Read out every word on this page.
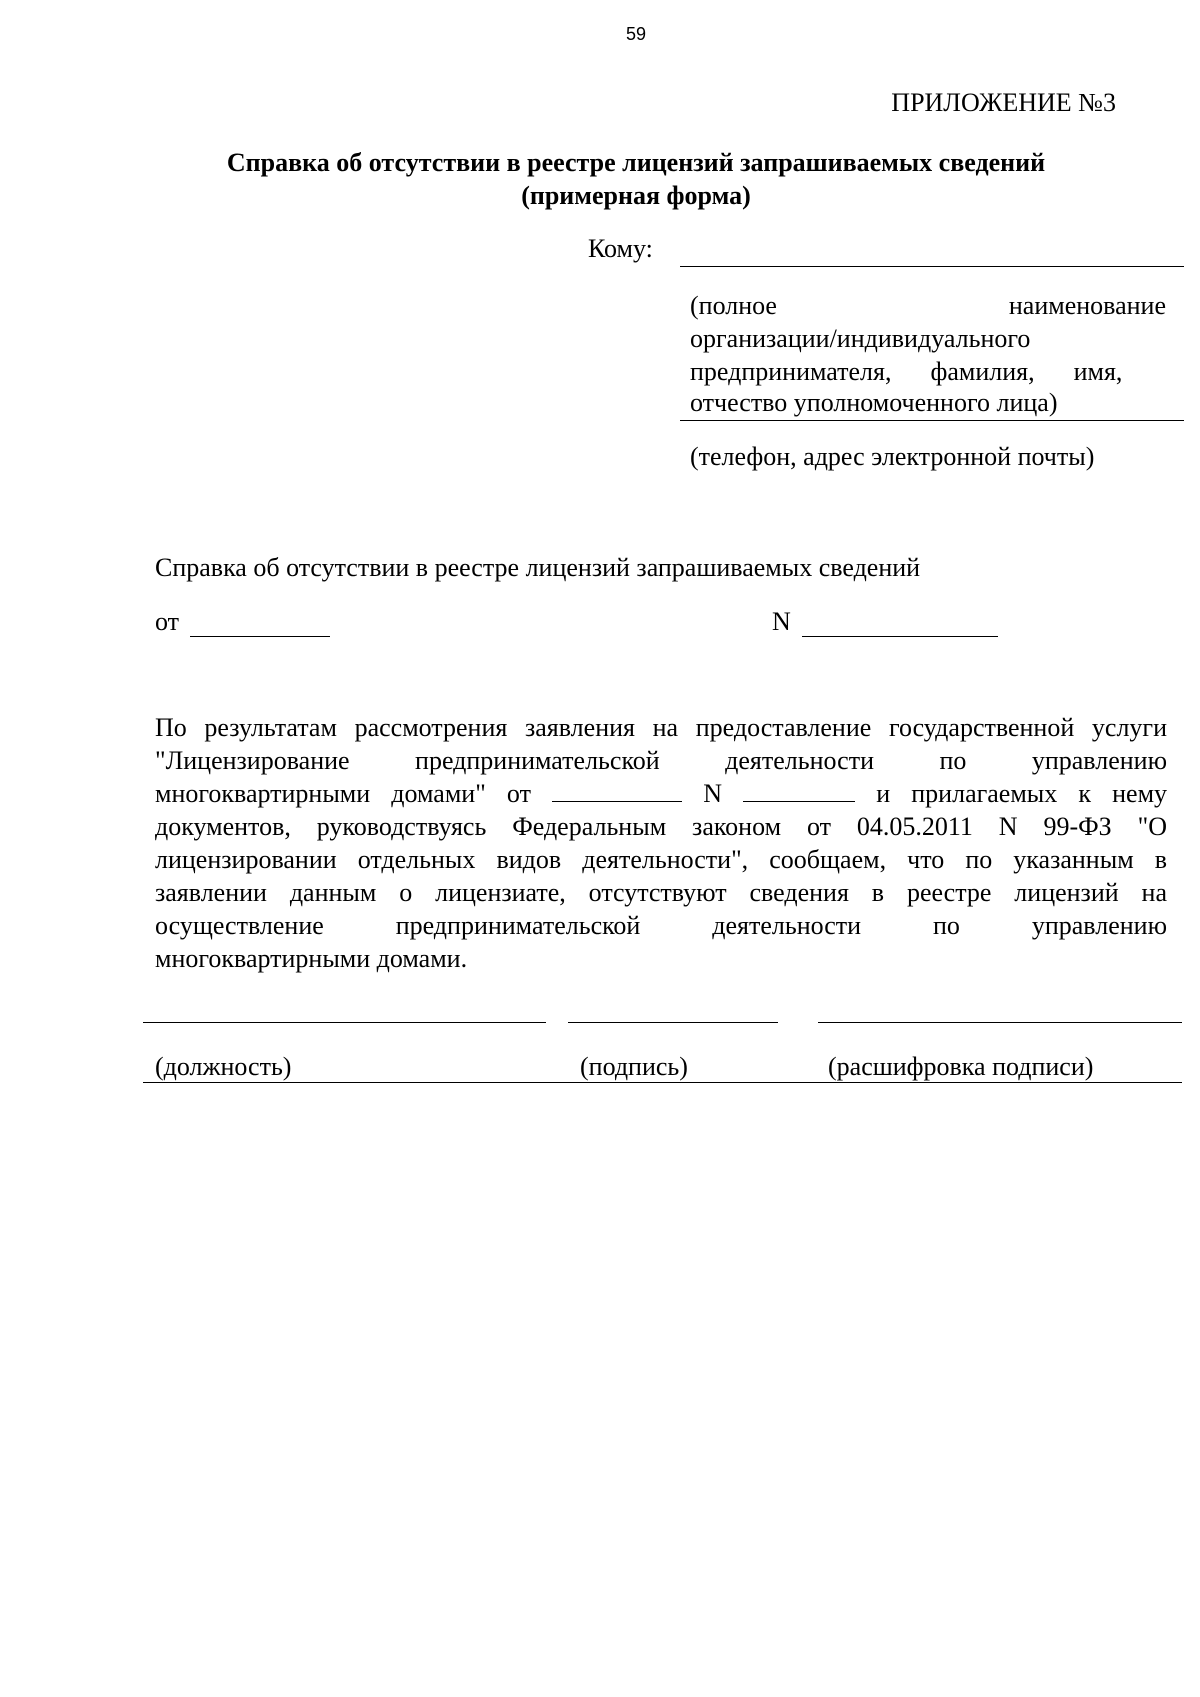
59
ПРИЛОЖЕНИЕ №3
Справка об отсутствии в реестре лицензий запрашиваемых сведений
(примерная форма)
Кому:
(полное	наименование
организации/индивидуального
предпринимателя,      фамилия,      имя,
отчество уполномоченного лица)
(телефон, адрес электронной почты)
Справка об отсутствии в реестре лицензий запрашиваемых сведений
от	N

По результатам рассмотрения заявления на предоставление государственной услуги

"Лицензирование предпринимательской деятельности по управлению

многоквартирными домами" от	N	и прилагаемых к нему

документов, руководствуясь Федеральным законом от 04.05.2011 N 99-ФЗ "О

лицензировании отдельных видов деятельности", сообщаем, что по указанным в

заявлении данным о лицензиате, отсутствуют сведения в реестре лицензий на

осуществление предпринимательской деятельности по управлению

многоквартирными домами.

(должность)	(подпись)	(расшифровка подписи)
